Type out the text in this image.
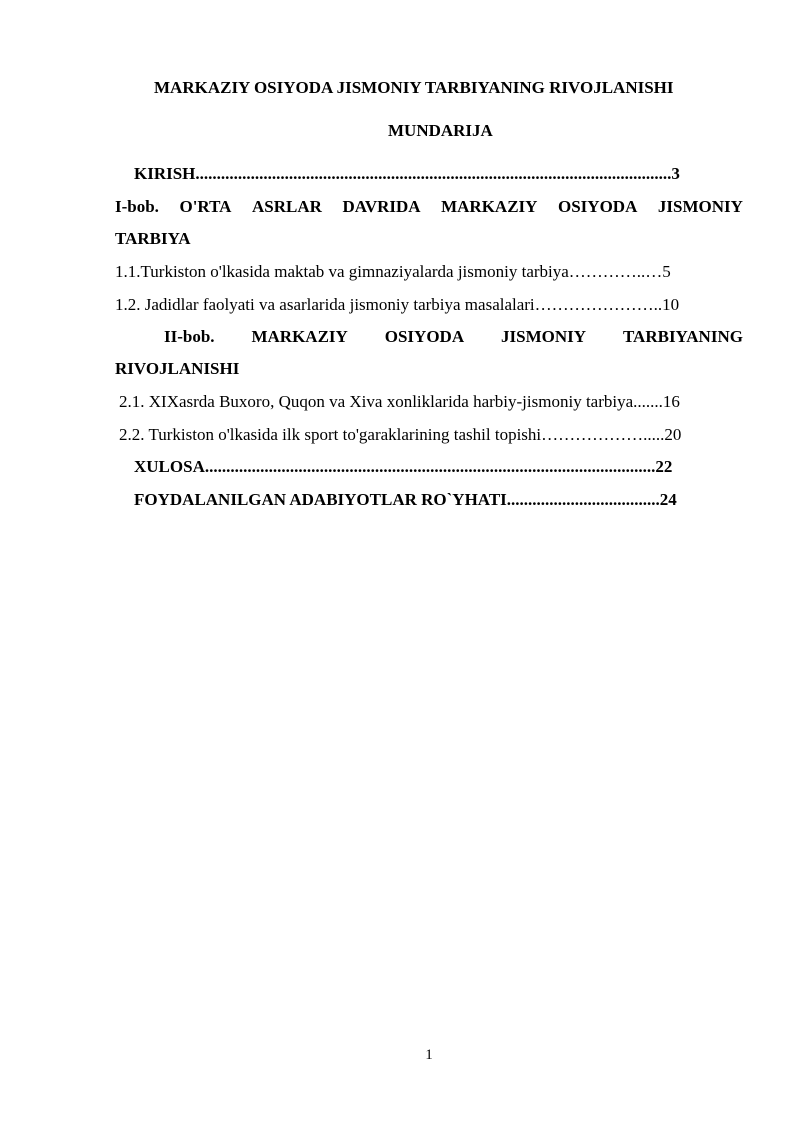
MARKAZIY OSIYODA JISMONIY TARBIYANING RIVOJLANISHI
MUNDARIJA
KIRISH................................................................................................................3
I-bob. O'RTA ASRLAR DAVRIDA MARKAZIY OSIYODA JISMONIY
TARBIYA
1.1.Turkiston o'lkasida maktab va gimnaziyalarda jismoniy tarbiya…………..…5
1.2. Jadidlar faolyati va asarlarida jismoniy tarbiya masalalari…………………..10
II-bob. MARKAZIY OSIYODA JISMONIY TARBIYANING
RIVOJLANISHI
2.1. XIXasrda Buxoro, Quqon va Xiva xonliklarida harbiy-jismoniy tarbiya.......16
2.2. Turkiston o'lkasida ilk sport to'garaklarining tashil topishi……………….....20
XULOSA..........................................................................................................22
FOYDALANILGAN ADABIYOTLAR RO`YHATI....................................24
1
